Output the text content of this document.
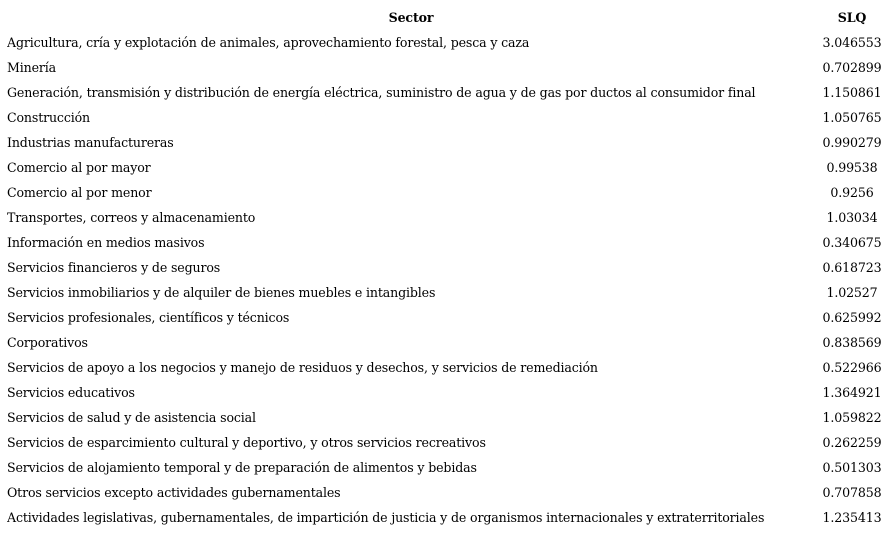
Sector	SLQ
Agricultura, cría y explotación de animales, aprovechamiento forestal, pesca y caza	3.046553
Minería	0.702899
Generación, transmisión y distribución de energía eléctrica, suministro de agua y de gas por ductos al consumidor final	1.150861
Construcción	1.050765
Industrias manufactureras	0.990279
Comercio al por mayor	0.99538
Comercio al por menor	0.9256
Transportes, correos y almacenamiento	1.03034
Información en medios masivos	0.340675
Servicios financieros y de seguros	0.618723
Servicios inmobiliarios y de alquiler de bienes muebles e intangibles	1.02527
Servicios profesionales, científicos y técnicos	0.625992
Corporativos	0.838569
Servicios de apoyo a los negocios y manejo de residuos y desechos, y servicios de remediación	0.522966
Servicios educativos	1.364921
Servicios de salud y de asistencia social	1.059822
Servicios de esparcimiento cultural y deportivo, y otros servicios recreativos	0.262259
Servicios de alojamiento temporal y de preparación de alimentos y bebidas	0.501303
Otros servicios excepto actividades gubernamentales	0.707858
Actividades legislativas, gubernamentales, de impartición de justicia y de organismos internacionales y extraterritoriales	1.235413
